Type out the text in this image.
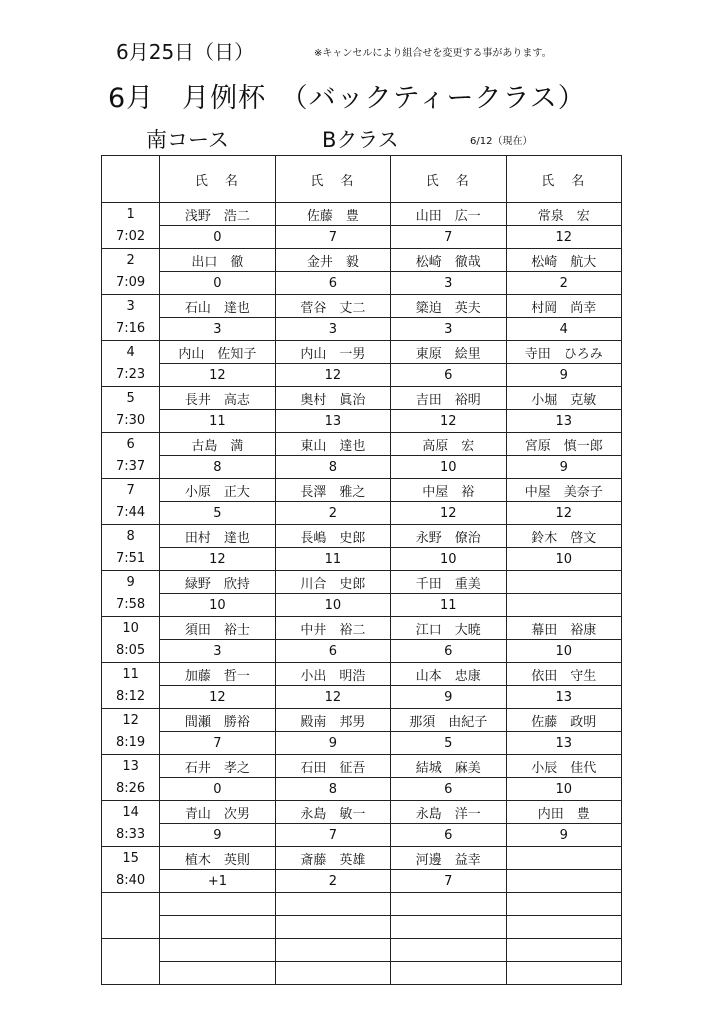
6月25日（日）	※キャンセルにより組合せを変更する事があります。
6月　月例杯　（バックティークラス）
南コース	Bクラス	6/12（現在）
	氏　名	氏　名	氏　名	氏　名
1	浅野　浩二	佐藤　豊	山田　広一	常泉　宏
7:02	0	7	7	12
2	出口　徹	金井　毅	松崎　徹哉	松崎　航大
7:09	0	6	3	2
3	石山　達也	菅谷　丈二	簗迫　英夫	村岡　尚幸
7:16	3	3	3	4
4	内山　佐知子	内山　一男	東原　絵里	寺田　ひろみ
7:23	12	12	6	9
5	長井　高志	奥村　眞治	吉田　裕明	小堀　克敏
7:30	11	13	12	13
6	古島　満	東山　達也	高原　宏	宮原　慎一郎
7:37	8	8	10	9
7	小原　正大	長澤　雅之	中屋　裕	中屋　美奈子
7:44	5	2	12	12
8	田村　達也	長嶋　史郎	永野　僚治	鈴木　啓文
7:51	12	11	10	10
9	緑野　欣持	川合　史郎	千田　重美	
7:58	10	10	11	
10	須田　裕士	中井　裕二	江口　大暁	幕田　裕康
8:05	3	6	6	10
11	加藤　哲一	小出　明浩	山本　忠康	依田　守生
8:12	12	12	9	13
12	間瀬　勝裕	殿南　邦男	那須　由紀子	佐藤　政明
8:19	7	9	5	13
13	石井　孝之	石田　征吾	結城　麻美	小辰　佳代
8:26	0	8	6	10
14	青山　次男	永島　敏一	永島　洋一	内田　豊
8:33	9	7	6	9
15	植木　英則	斎藤　英雄	河邊　益幸	
8:40	+1	2	7	
